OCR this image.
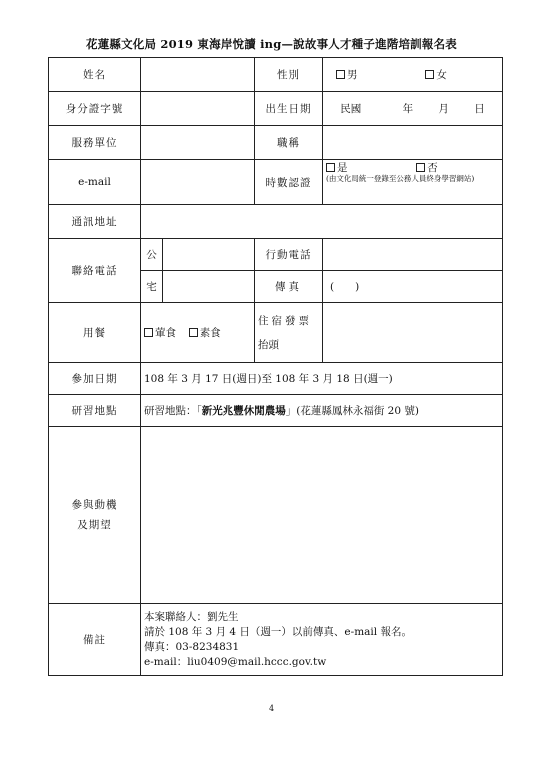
花蓮縣文化局 2019 東海岸悅讀 ing—說故事人才種子進階培訓報名表
姓名			性別	男 女
身分證字號			出生日期	民國 年 月 日
服務單位			職稱	
e-mail			時數認證	是 否
(由文化局統一登錄至公務人員終身學習網站)

通訊地址				
聯絡電話	公		行動電話	
	宅		傳真	(　　)
用餐	葷食 素食		住宿發票
抬頭	

參加日期	108 年 3 月 17 日(週日)至 108 年 3 月 18 日(週一)			
研習地點	研習地點：「新光兆豐休閒農場」(花蓮縣鳳林永福街 20 號)			

參與動機
及期望				

備註	本案聯絡人：劉先生
請於 108 年 3 月 4 日（週一）以前傳真、e-mail 報名。
傳真：03-8234831
e-mail：liu0409@mail.hccc.gov.tw			
4
